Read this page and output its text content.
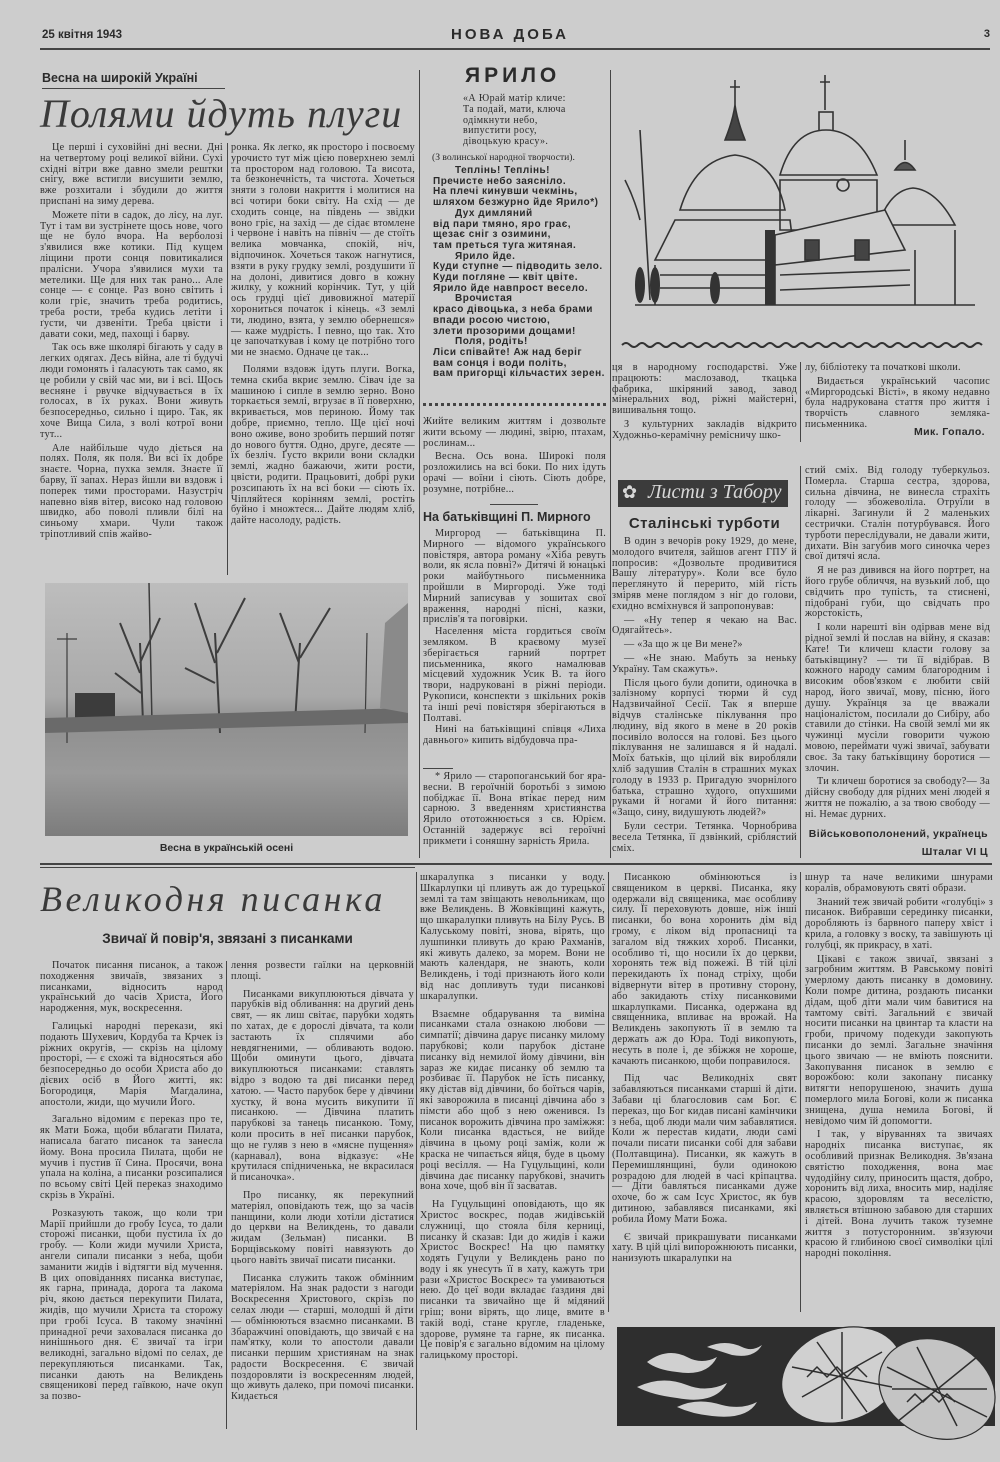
25 квітня 1943	НОВА ДОБА	3
Весна на широкій Україні
Полями йдуть плуги

Це перші і суховійні дні весни. Дні на четвертому році великої війни. Сухі східні вітри вже давно змели рештки снігу, вже встигли висушити землю, вже розхитали і збудили до життя приспані на зиму дерева.

Можете піти в садок, до лісу, на луг. Тут і там ви зустрінете щось нове, чого ще не було вчора. На верболозі з'явилися вже котики. Під кущем ліщини проти сонця повитикалися пралісни. Учора з'явилися мухи та метелики. Ще для них так рано... Але сонце — є сонце. Раз воно світить і коли гріє, значить треба родитись, треба рости, треба кудись летіти і ґусти, чи дзвеніти. Треба цвісти і давати соки, мед, пахощі і барву.

Так ось вже школярі бігають у саду в легких одягах. Десь війна, але ті будучі люди гомонять і ґаласують так само, як це робили у свій час ми, ви і всі. Щось весняне і рвучке відчувається в їх голосах, в їх руках. Вони живуть безпосередньо, сильно і щиро. Так, як хоче Вища Сила, з волі котрої вони тут...

Але найбільше чудо діється на полях. Поля, як поля. Ви всі їх добре знаєте. Чорна, пухка земля. Знаєте її барву, її запах. Нераз йшли ви вздовж і поперек тими просторами. Назустріч напевно віяв вітер, високо над головою швидко, або поволі пливли білі на синьому хмари. Чули також тріпотливий спів жайво-

ронка. Як легко, як просторо і посвоєму урочисто тут між цією поверхнею землі та простором над головою. Та висота, та безконечність, та чистота. Хочеться зняти з голови накриття і молитися на всі чотири боки світу. На схід — де сходить сонце, на південь — звідки воно гріє, на захід — де сідає втомлене і червоне і навіть на північ — де стоїть велика мовчанка, спокій, ніч, відпочинок. Хочеться також нагнутися, взяти в руку грудку землі, роздушити її на долоні, дивитися довго в кожну жилку, у кожний корінчик. Тут, у цій ось грудці цієї дивовижної матерії хорониться початок і кінець. «З землі ти, людино, взята, у землю обернешся» — каже мудрість. І певно, що так. Хто це започаткував і кому це потрібно того ми не знаємо. Одначе це так...

Полями вздовж ідуть плуги. Вогка, темна скиба вкриє землю. Сівач іде за машиною і сипле в землю зерно. Воно торкається землі, вгрузає в її поверхню, вкривається, мов периною. Йому так добре, приємно, тепло. Ще цієї ночі воно оживе, воно зробить перший потяг до нового буття. Одно, друге, десяте — їх безліч. Ґусто вкрили вони складки землі, жадно бажаючи, жити рости, цвісти, родити. Працьовиті, добрі руки розсипають їх на всі боки — сіють їх. Чіпляйтеся корінням землі, ростіть буйно і множтеся... Дайте людям хліб, дайте насолоду, радість.

Весна в українській осені
ЯРИЛО
«А Юрай матір кличе:
Та подай, мати, ключа
одімкнути небо,
випустити росу,
дівоцькую красу».
(З волинської народної творчости).
Теплінь! Теплінь!
Пречисте небо заясніло.
На плечі кинувши чекмінь,
шляхом безжурно йде Ярило*)
Дух димляний
від пари тмяно, яро грає,
щезає сніг з озимини,
там преться туга житяная.
Ярило йде.
Куди ступне — підводить зело.
Куди погляне — квіт цвіте.
Ярило йде навпрост весело.
Врочистая
красо дівоцька, з неба брами
впади росою чистою,
злети прозорими дощами!
Поля, родіть!
Ліси співайте! Аж над беріг
вам сонця і води політь,
вам пригорщі кільчастих зерен.

Жийте великим життям і дозвольте жити всьому — людині, звірю, птахам, рослинам...

Весна. Ось вона. Широкі поля розложились на всі боки. По них ідуть орачі — воїни і сіють. Сіють добре, розумне, потрібне...

На батьківщині П. Мирного

Миргород — батьківщина П. Мирного — відомого українського повістяря, автора роману «Хіба ревуть воли, як ясла повні?» Дитячі й юнацькі роки майбутнього письменника пройшли в Миргороді. Уже тоді Мирний записував у зошитах свої враження, народні пісні, казки, прислів'я та поговірки.

Населення міста гордиться своїм земляком. В краєвому музеї зберігається гарний портрет письменника, якого намалював місцевий художник Усик В. та його твори, надруковані в ріжні періоди. Рукописи, конспекти з шкільних років та інші речі повістяря зберігаються в Полтаві.

Нині на батьківщині співця «Лиха давнього» кипить відбудовча пра-

* Ярило — старопоганський бог яра-весни. В героїчній боротьбі з зимою побіджає її. Вона втікає перед ним сарною. З введенням християнства Ярило ототожнюється з св. Юрієм. Останній задержує всі героїчні прикмети і соняшну зарність Ярила.

ця в народному господарстві. Уже працюють: маслозавод, ткацька фабрика, шкіряний завод, завод мінеральних вод, ріжні майстерні, вишивальня тощо.

З культурних закладів відкрито Художньо-керамічну ремісничу шко-

лу, бібліотеку та початкові школи.

Видається український часопис «Миргородські Вісті», в якому недавно була надрукована стаття про життя і творчість славного земляка-письменника.

Мик. Гопало.
✿ Листи з Табору
Сталінські турботи

В один з вечорів року 1929, до мене, молодого вчителя, зайшов агент ГПУ й попросив: «Дозвольте продивитися Вашу літературу». Коли все було переглянуто й перерито, мій гість зміряв мене поглядом з ніг до голови, єхидно всміхнувся й запропонував:

— «Ну тепер я чекаю на Вас. Одягайтесь».

— «За що ж це Ви мене?»

— «Не знаю. Мабуть за неньку Україну. Там скажуть».

Після цього були допити, одиночка в залізному корпусі тюрми й суд Надзвичайної Сесії. Так я вперше відчув сталінське піклування про людину, від якого в мене в 20 років посивіло волосся на голові. Без цього піклування не залишався я й надалі. Моїх батьків, що цілий вік виробляли хліб задушив Сталін в страшних муках голоду в 1933 р. Пригадую зчорнілого батька, страшно худого, опухшими руками й ногами й його питання: «Защо, сину, видушують людей?»

Були сестри. Тетянка. Чорнобрива весела Тетянка, її дзвінкий, сріблястий сміх.

стий сміх. Від голоду туберкульоз. Померла. Старша сестра, здорова, сильна дівчина, не винесла страхіть голоду — збожеволіла. Отруїли в лікарні. Загинули й 2 маленьких сестрички. Сталін потурбувався. Його турботи переслідували, не давали жити, дихати. Він загубив мого синочка через свої дитячі ясла.

Я не раз дивився на його портрет, на його грубе обличчя, на вузький лоб, що свідчить про тупість, та стиснені, підобрані губи, що свідчать про жорстокість,

І коли нарешті він одірвав мене від рідної землі й послав на війну, я сказав: Кате! Ти кличеш класти голову за батьківщину? — ти її відібрав. В кожного народу самим благородним і високим обов'язком є любити свій народ, його звичаї, мову, пісню, його душу. Українця за це вважали націоналістом, посилали до Сибіру, або ставили до стінки. На своїй землі ми як чужинці мусіли говорити чужою мовою, переймати чужі звичаї, забувати своє. За таку батьківщину боротися — злочин.

Ти кличеш боротися за свободу?— За дійсну свободу для рідних мені людей я життя не пожалію, а за твою свободу — ні. Немає дурних.

Військовополонений, українець
Шталаг VI Ц
Великодня писанка
Звичаї й повір'я, звязані з писанками

Початок писання писанок, а також походження звичаїв, звязаних з писанками, відносить народ український до часів Христа, Його народження, мук, воскресення.

Галицькі народні перекази, які подають Шухевич, Кордуба та Крчек із ріжних округів, — скрізь на цілому просторі, — є схожі та відносяться або безпосередньо до особи Христа або до дієвих осіб в Його житті, як: Богородиця, Марія Магдалина, апостоли, жиди, що мучили Його.

Загально відомим є переказ про те, як Мати Божа, щоби вблагати Пилата, написала багато писанок та занесла йому. Вона просила Пилата, щоби не мучив і пустив її Сина. Просячи, вона упала на коліна, а писанки розсипалися по всьому світі Цей переказ знаходимо скрізь в Україні.

Розказують також, що коли три Марії прийшли до гробу Ісуса, то дали сторожі писанки, щоби пустила їх до гробу. — Коли жиди мучили Христа, ангели сипали писанки з неба, щоби заманити жидів і відтягти від мучення. В цих оповіданнях писанка виступає, як гарна, принада, дорога та лакома річ, якою дається перекупити Пилата, жидів, що мучили Христа та сторожу при гробі Ісуса. В такому значінні принадної речи заховалася писанка до нинішнього дня. Є звичаї та ігри великодні, загально відомі по селах, де перекупляються писанками. Так, писанки дають на Великдень священикові перед гаївкою, наче окуп за позво-

лення розвести гаїлки на церковній площі.

Писанками викуплюються дівчата у парубків від обливання: на другий день свят, — як лиш світає, парубки ходять по хатах, де є дорослі дівчата, та коли застають їх сплячими або невдягненими, — обливають водою. Щоби оминути цього, дівчата викуплюються писанками: ставлять відро з водою та дві писанки перед хатою. — Часто парубок бере у дівчини хустку, й вона мусить викупити її писанкою. — Дівчина платить парубкові за танець писанкою. Тому, коли просить в неї писанки парубок, що не гуляв з нею в «мясне пущення» (карнавал), вона відказує: «Не крутилася спідниченька, не вкрасилася й писаночка».

Про писанку, як перекупний матеріял, оповідають теж, що за часів панщини, коли люди хотіли дістатися до церкви на Великдень, то давали жидам (Зельман) писанки. В Борщівському повіті навязують до цього навіть звичаї писати писанки.

Писанка служить також обмінним матеріялом. На знак радости з нагоди Воскресення Христового, скрізь по селах люди — старші, молодші й діти — обмінюються взаємно писанками. В Збаражчині оповідають, що звичай є на пам'ятку, коли то апостоли давали писанки першим християнам на знак радости Воскресення. Є звичай поздоровляти із воскресенням людей, що живуть далеко, при помочі писанки. Кидається

шкаралупка з писанки у воду. Шкарлупки ці пливуть аж до турецької землі та там звіщають невольникам, що вже Великдень. В Жовківщині кажуть, що шкаралупки пливуть на Білу Русь. В Калуському повіті, знова, вірять, що лушпинки пливуть до краю Рахманів, які живуть далеко, за морем. Вони не мають календаря, не знають, коли Великдень, і тоді признають його коли від нас допливуть туди писанкові шкаралупки.

Взаємне обдарування та виміна писанками стала ознакою любови — симпатії; дівчина дарує писанку милому парубкові; коли парубок дістане писанку від немилої йому дівчини, він зараз же кидає писанку об землю та розбиває її. Парубок не їсть писанку, яку дістав від дівчини, бо боїться чарів, які заворожила в писанці дівчина або з пімсти або щоб з нею оженився. Із писанок ворожить дівчина про заміжжя: Коли писанка вдасться, не вийде дівчина в цьому році заміж, коли ж краска не чипається яйця, буде в цьому році весілля. — На Гуцульщині, коли дівчина дає писанку парубкові, значить вона хоче, щоб він її засватав.

На Гуцульщині оповідають, що як Христос воскрес, подав жидівській служниці, що стояла біля керниці, писанку й сказав: Іди до жидів і кажи Христос Воскрес! На цю памятку ходять Гуцули у Великдень рано по воду і як унесуть її в хату, кажуть три рази «Христос Воскрес» та умиваються нею. До цеї води вкладає ґаздиня дві писанки та звичайно ще й мідяний гріш; вони вірять, що лице, вмите в такій воді, стане кругле, гладеньке, здорове, румяне та гарне, як писанка. Це повір'я є загально відомим на цілому галицькому просторі.

Писанкою обмінюються із священиком в церкві. Писанка, яку одержали від священика, має особливу силу. Її переховують довше, ніж інші писанки, бо вона хоронить дім від грому, є ліком від пропасниці та загалом від тяжких хороб. Писанки, особливо ті, що носили їх до церкви, хоронять теж від пожежі. В тій цілі перекидають їх понад стріху, щоби відвернути вітер в противну сторону, або закидають стіху писанковими шкарлупками. Писанка, одержана вд священника, впливає на врожай. На Великдень закопують її в землю та держать аж до Юра. Тоді викопують, несуть в поле і, де збіжжя не хороше, качають писанкою, щоби поправилося.

Під час Великодніх свят забавляються писанками старші й діти. Забави ці благословив сам Бог. Є переказ, що Бог кидав писані камінчики з неба, щоб люди мали чим забавлятися. Коли ж перестав кидати, люди самі почали писати писанки собі для забави (Полтавщина). Писанки, як кажуть в Перемишлянщині, були одинокою розрадою для людей в часі кріпацтва. — Діти бавляться писанками дуже охоче, бо ж сам Ісус Христос, як був дитиною, забавлявся писанками, які робила Йому Мати Божа.

Є звичай прикрашувати писанками хату. В цій цілі випорожнюють писанки, нанизують шкаралупки на

шнур та наче великими шнурами коралів, обрамовують святі образи.

Знаний теж звичай робити «голубці» з писанок. Вибравши серединку писанки, доробляють із барвного паперу хвіст і крила, а головку з воску, та завішують ці голубці, як прикрасу, в хаті.

Цікаві є також звичаї, звязані з загробним життям. В Равському повіті умерлому дають писанку в домовину. Коли помре дитина, роздають писанки дідам, щоб діти мали чим бавитися на тамтому світі. Загальний є звичай носити писанки на цвинтар та класти на гроби, причому подекуди закопують писанки до землі. Загальне значіння цього звичаю — не вміють пояснити. Закопування писанок в землю є ворожбою: коли закопану писанку витягти непорушеною, значить душа померлого мила Богові, коли ж писанка знищена, душа немила Богові, й невідомо чим їй допомогти.

І так, у віруваннях та звичаях народніх писанка виступає, як особливий признак Великодня. Зв'язана святістю походження, вона має чудодійну силу, приносить щастя, добро, хоронить від лиха, вносить мир, наділяє красою, здоровлям та веселістю, являється втішною забавою для старших і дітей. Вона лучить також туземне життя з потусторонним. зв'язуючи красою й глибиною своєї символіки цілі народні покоління.
